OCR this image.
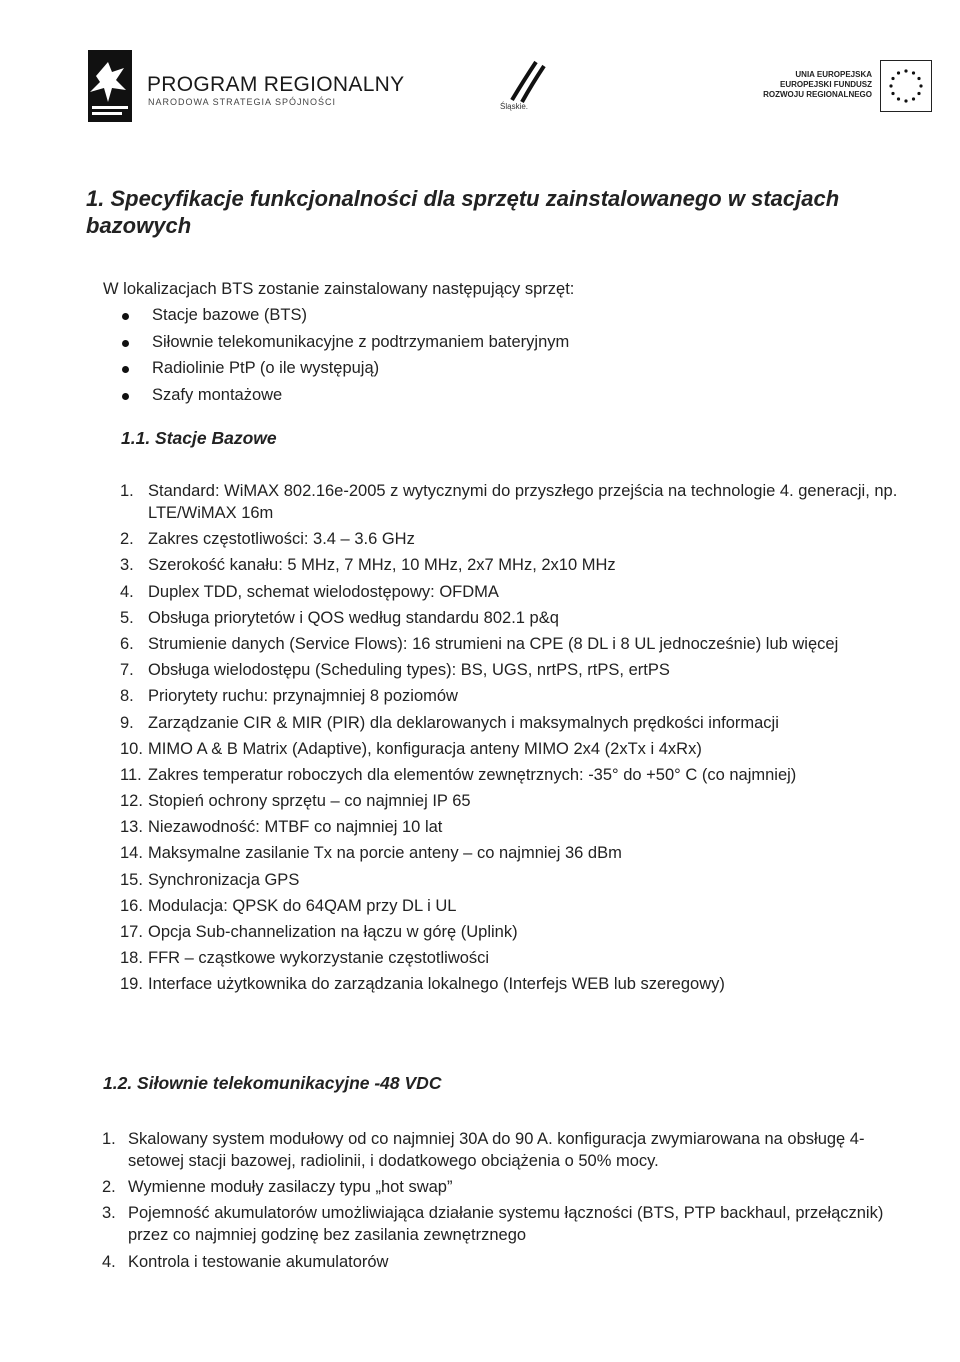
PROGRAM REGIONALNY
NARODOWA STRATEGIA SPÓJNOŚCI	Śląskie.
UNIA EUROPEJSKA
EUROPEJSKI FUNDUSZ
ROZWOJU REGIONALNEGO
1. Specyfikacje funkcjonalności dla sprzętu zainstalowanego w stacjach bazowych
W lokalizacjach BTS zostanie zainstalowany następujący sprzęt:
Stacje bazowe (BTS)
Siłownie telekomunikacyjne z podtrzymaniem bateryjnym
Radiolinie PtP (o ile występują)
Szafy montażowe
1.1. Stacje Bazowe
1. Standard: WiMAX 802.16e-2005 z wytycznymi do przyszłego przejścia na technologie 4. generacji, np. LTE/WiMAX 16m
2. Zakres częstotliwości: 3.4 – 3.6 GHz
3. Szerokość kanału: 5 MHz, 7 MHz, 10 MHz, 2x7 MHz, 2x10 MHz
4. Duplex TDD, schemat wielodostępowy: OFDMA
5. Obsługa priorytetów i QOS według standardu 802.1 p&q
6. Strumienie danych (Service Flows): 16 strumieni na CPE (8 DL i 8 UL jednocześnie) lub więcej
7. Obsługa wielodostępu (Scheduling types): BS, UGS, nrtPS, rtPS, ertPS
8. Priorytety ruchu: przynajmniej 8 poziomów
9. Zarządzanie CIR & MIR (PIR) dla deklarowanych i maksymalnych prędkości informacji
10. MIMO A & B Matrix (Adaptive), konfiguracja anteny MIMO 2x4 (2xTx i 4xRx)
11. Zakres temperatur roboczych dla elementów zewnętrznych: -35° do +50° C (co najmniej)
12. Stopień ochrony sprzętu – co najmniej IP 65
13. Niezawodność: MTBF co najmniej 10 lat
14. Maksymalne zasilanie Tx na porcie anteny – co najmniej 36 dBm
15. Synchronizacja GPS
16. Modulacja: QPSK do 64QAM przy DL i UL
17. Opcja Sub-channelization na łączu w górę (Uplink)
18. FFR – cząstkowe wykorzystanie częstotliwości
19. Interface użytkownika do zarządzania lokalnego (Interfejs WEB lub szeregowy)
1.2. Siłownie telekomunikacyjne -48 VDC
1. Skalowany system modułowy od co najmniej 30A do 90 A. konfiguracja zwymiarowana na obsługę 4-setowej stacji bazowej, radiolinii, i dodatkowego obciążenia o 50% mocy.
2. Wymienne moduły zasilaczy typu „hot swap”
3. Pojemność akumulatorów umożliwiająca działanie systemu łączności (BTS, PTP backhaul, przełącznik) przez co najmniej godzinę bez zasilania zewnętrznego
4. Kontrola i testowanie akumulatorów
